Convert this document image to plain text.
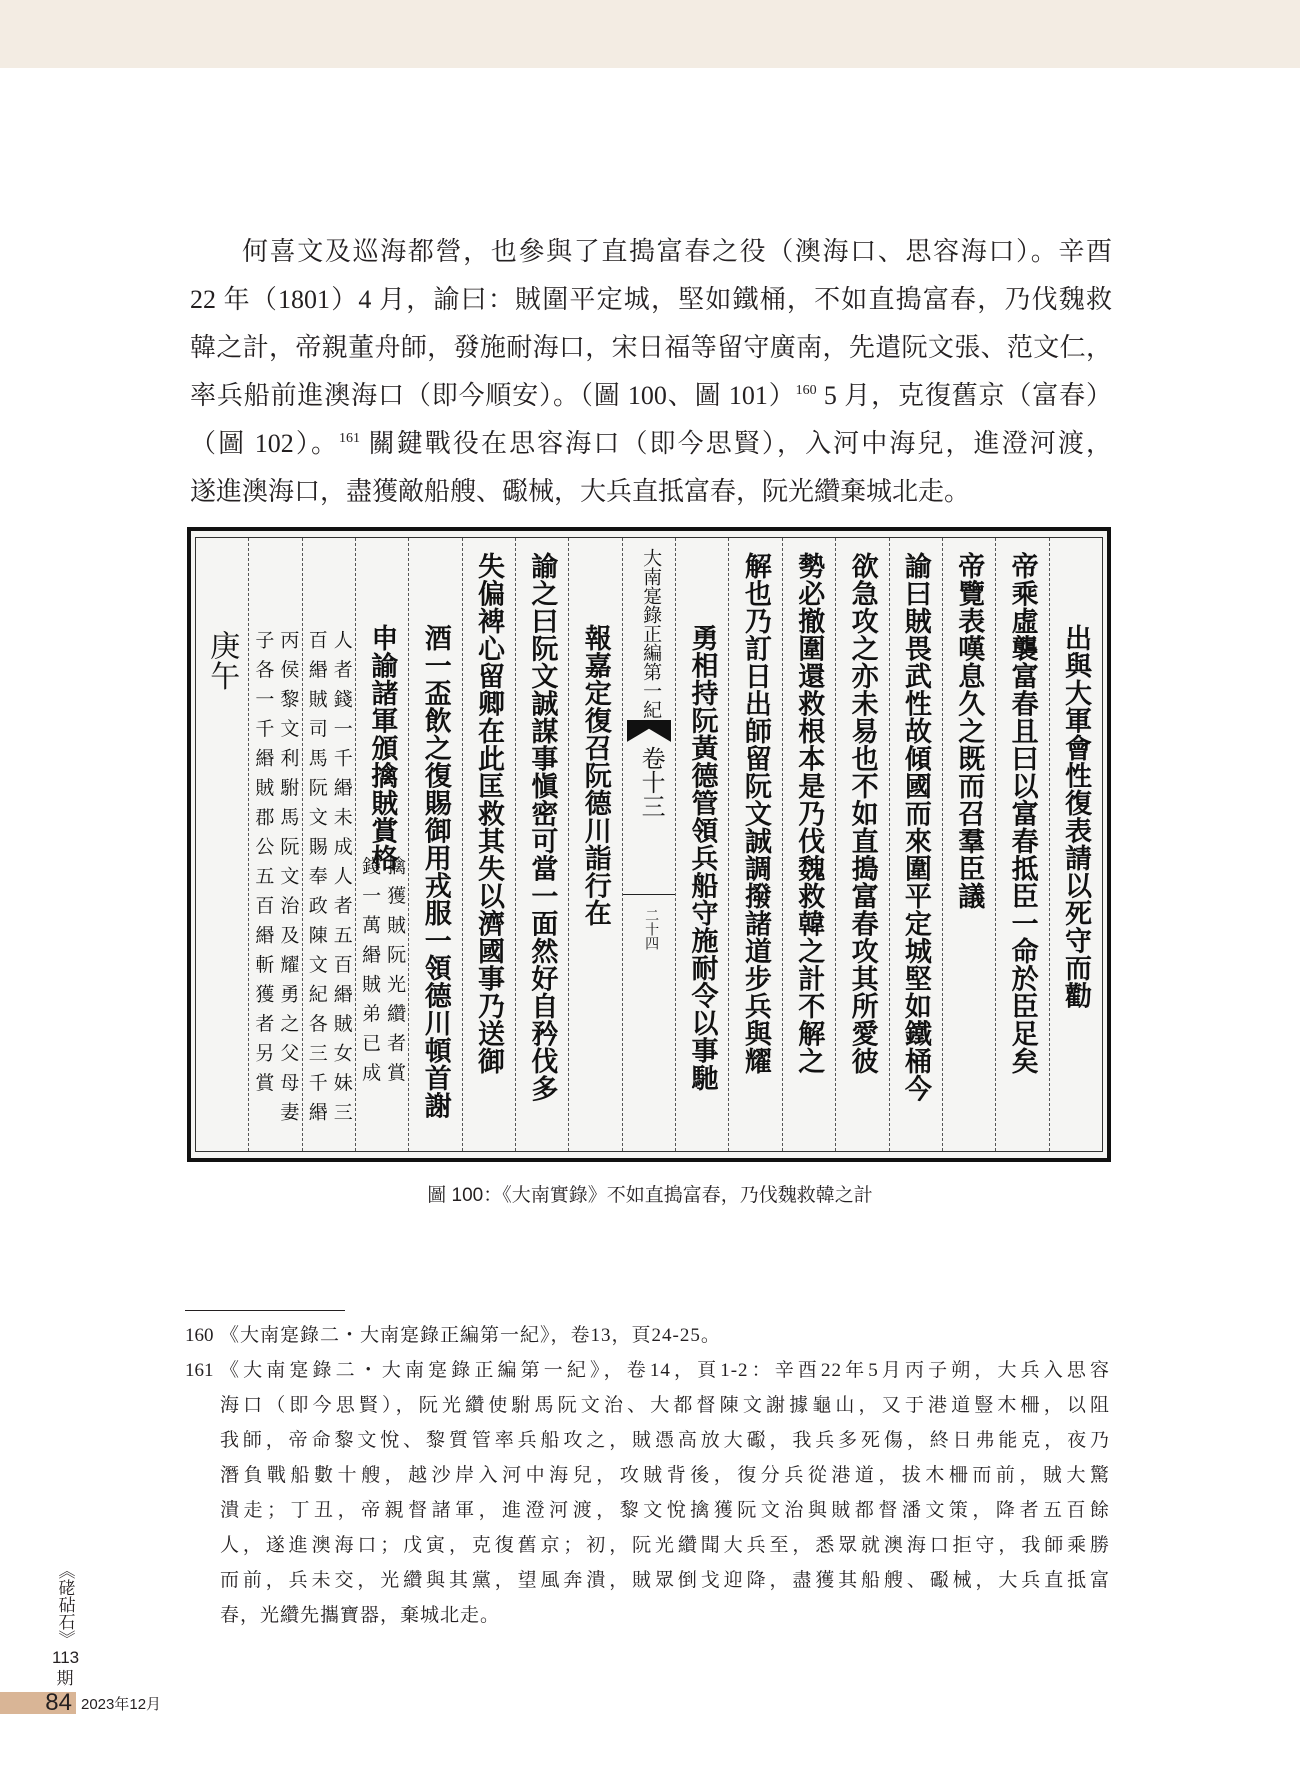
何喜文及巡海都營，也參與了直搗富春之役（澳海口、思容海口）。辛酉
22 年（1801）4 月，諭曰：賊圍平定城，堅如鐵桶，不如直搗富春，乃伐魏救
韓之計，帝親董舟師，發施耐海口，宋日福等留守廣南，先遣阮文張、范文仁，
率兵船前進澳海口（即今順安）。（圖 100、圖 101）$^{160}$ 5 月，克復舊京（富春）
（圖 102）。$^{161}$ 關鍵戰役在思容海口（即今思賢），入河中海兒，進澄河渡，
遂進澳海口，盡獲敵船艘、礟械，大兵直抵富春，阮光纘棄城北走。
出與大軍會性復表請以死守而勸
帝乘虛襲富春且曰以富春抵臣一命於臣足矣
帝覽表嘆息久之既而召羣臣議
諭曰賊畏武性故傾國而來圍平定城堅如鐵桶今
欲急攻之亦未易也不如直搗富春攻其所愛彼
勢必撤圍還救根本是乃伐魏救韓之計不解之
解也乃訂日出師留阮文誠調撥諸道步兵與耀
勇相持阮黃德管領兵船守施耐令以事馳
大南寔錄正編第一紀
卷十三
二十四
報嘉定復召阮德川詣行在
諭之曰阮文誠謀事愼密可當一面然好自矜伐多
失偏裨心留卿在此匡救其失以濟國事乃送御
酒一盃飲之復賜御用戎服一領德川頓首謝
申諭諸軍頒擒賊賞格
擒獲賊阮光纘者賞
錢一萬緡賊弟已成
人者錢一千緡未成人者五百緡賊女妹三
百緡賊司馬阮文賜奉政陳文紀各三千緡
丙侯黎文利駙馬阮文治及耀勇之父母妻
子各一千緡賊郡公五百緡斬獲者另賞
庚午
圖 100：《大南實錄》不如直搗富春，乃伐魏救韓之計
160 《大南寔錄二・大南寔錄正編第一紀》，卷13，頁24-25。
161 《大南寔錄二・大南寔錄正編第一紀》，卷14，頁1-2：辛酉22年5月丙子朔，大兵入思容
海口（即今思賢），阮光纘使駙馬阮文治、大都督陳文謝據龜山，又于港道豎木柵，以阻
我師，帝命黎文悅、黎質管率兵船攻之，賊憑高放大礟，我兵多死傷，終日弗能克，夜乃
潛負戰船數十艘，越沙岸入河中海兒，攻賊背後，復分兵從港道，拔木柵而前，賊大驚
潰走；丁丑，帝親督諸軍，進澄河渡，黎文悅擒獲阮文治與賊都督潘文策，降者五百餘
人，遂進澳海口；戊寅，克復舊京；初，阮光纘聞大兵至，悉眾就澳海口拒守，我師乘勝
而前，兵未交，光纘與其黨，望風奔潰，賊眾倒戈迎降，盡獲其船艘、礟械，大兵直抵富
春，光纘先攜寶器，棄城北走。
《硓砧石》
113
期
84 2023年12月
